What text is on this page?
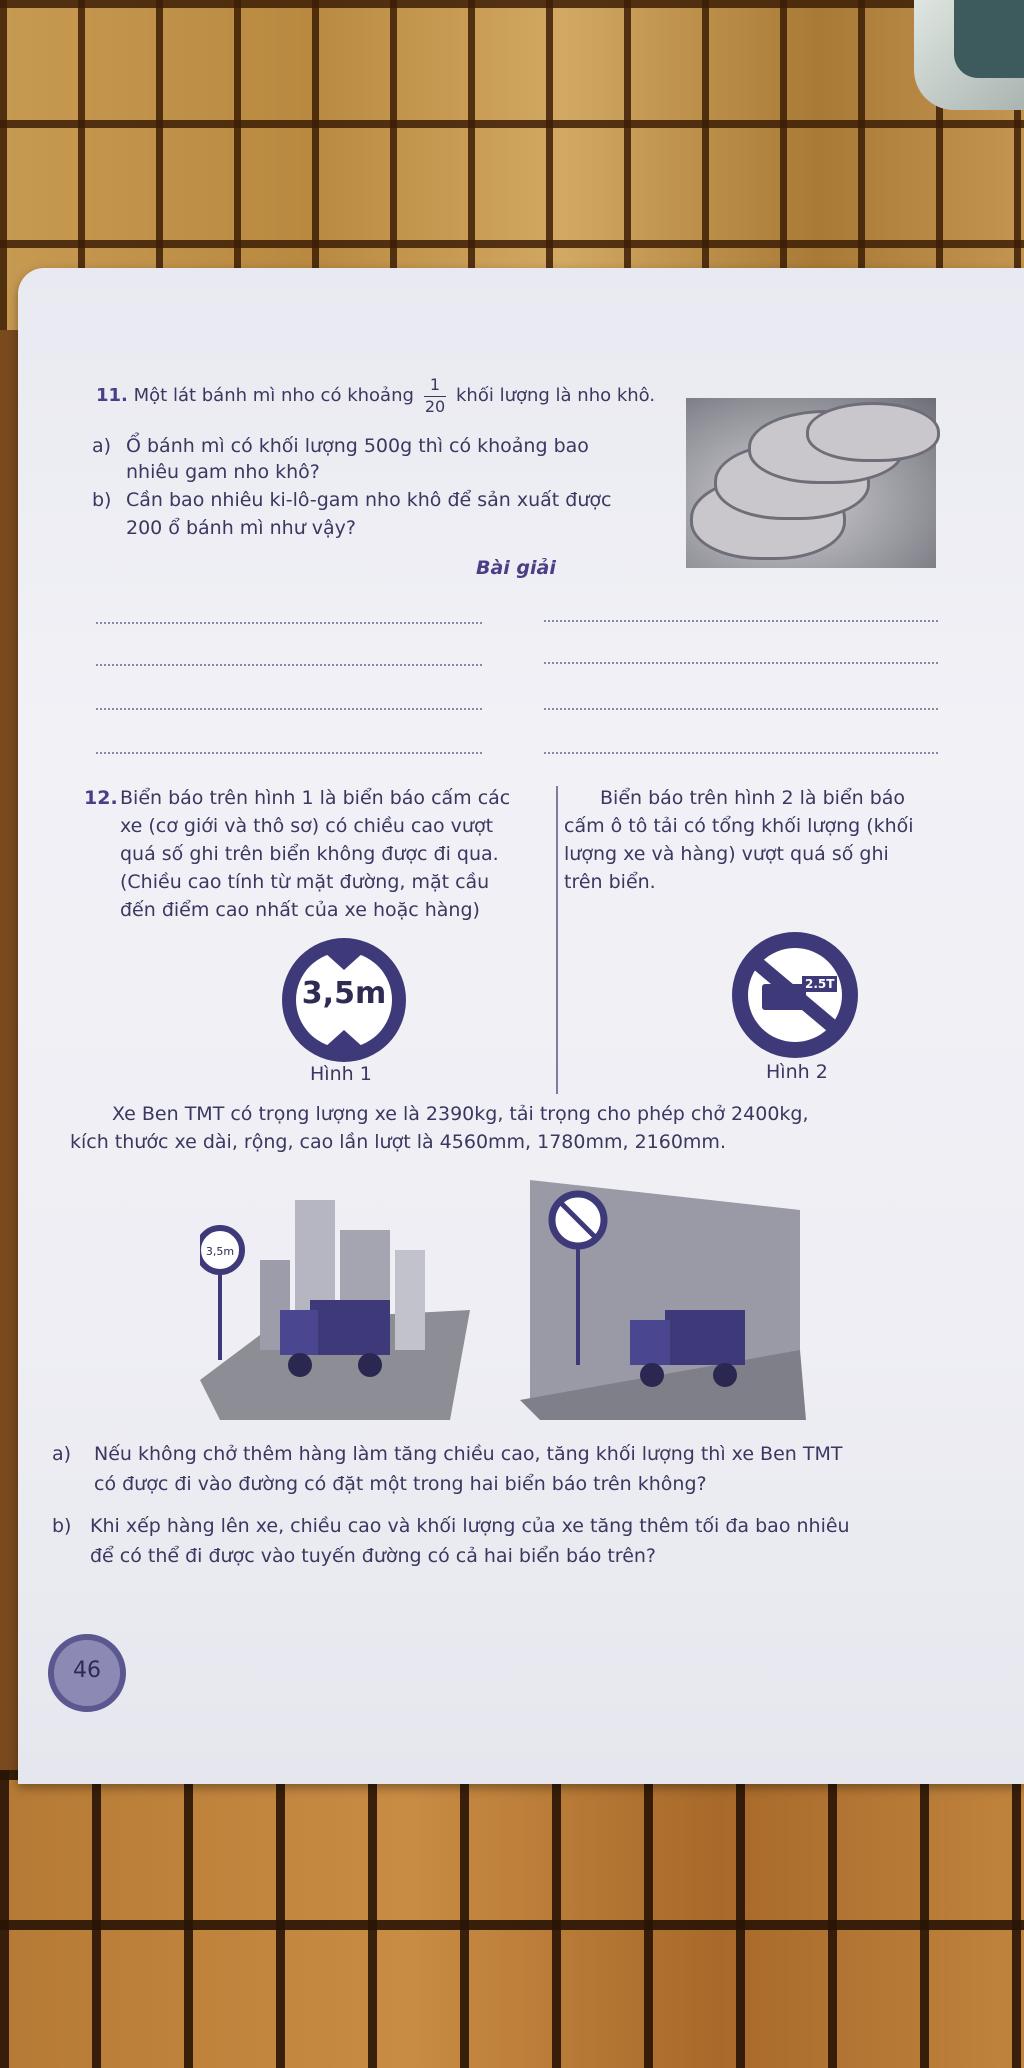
11. Một lát bánh mì nho có khoảng $\frac{1}{20}$ khối lượng là nho khô.
a) Ổ bánh mì có khối lượng 500g thì có khoảng bao
nhiêu gam nho khô?
b) Cần bao nhiêu ki-lô-gam nho khô để sản xuất được
200 ổ bánh mì như vậy?
Bài giải
12. Biển báo trên hình 1 là biển báo cấm các
xe (cơ giới và thô sơ) có chiều cao vượt
quá số ghi trên biển không được đi qua.
(Chiều cao tính từ mặt đường, mặt cầu
đến điểm cao nhất của xe hoặc hàng)
Biển báo trên hình 2 là biển báo
cấm ô tô tải có tổng khối lượng (khối
lượng xe và hàng) vượt quá số ghi
trên biển.
3,5m
Hình 1
2.5T
Hình 2
Xe Ben TMT có trọng lượng xe là 2390kg, tải trọng cho phép chở 2400kg,
kích thước xe dài, rộng, cao lần lượt là 4560mm, 1780mm, 2160mm.
3,5m
a) Nếu không chở thêm hàng làm tăng chiều cao, tăng khối lượng thì xe Ben TMT
có được đi vào đường có đặt một trong hai biển báo trên không?
b) Khi xếp hàng lên xe, chiều cao và khối lượng của xe tăng thêm tối đa bao nhiêu
để có thể đi được vào tuyến đường có cả hai biển báo trên?
46
